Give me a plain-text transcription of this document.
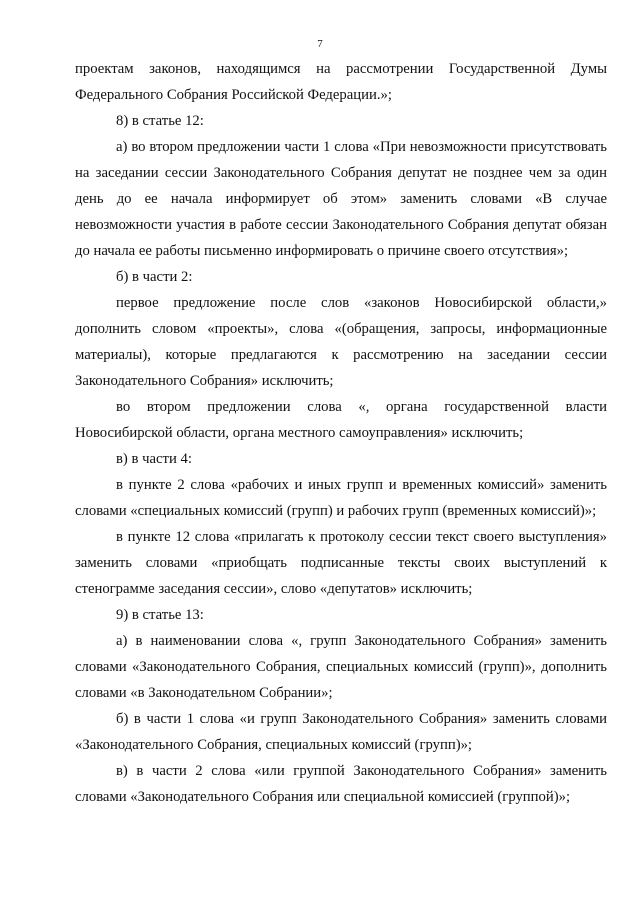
7

проектам законов, находящимся на рассмотрении Государственной Думы Федерального Собрания Российской Федерации.»;

8) в статье 12:

а) во втором предложении части 1 слова «При невозможности присутствовать на заседании сессии Законодательного Собрания депутат не позднее чем за один день до ее начала информирует об этом» заменить словами «В случае невозможности участия в работе сессии Законодательного Собрания депутат обязан до начала ее работы письменно информировать о причине своего отсутствия»;

б) в части 2:

первое предложение после слов «законов Новосибирской области,» дополнить словом «проекты», слова «(обращения, запросы, информационные материалы), которые предлагаются к рассмотрению на заседании сессии Законодательного Собрания» исключить;

во втором предложении слова «, органа государственной власти Новосибирской области, органа местного самоуправления» исключить;

в) в части 4:

в пункте 2 слова «рабочих и иных групп и временных комиссий» заменить словами «специальных комиссий (групп) и рабочих групп (временных комиссий)»;

в пункте 12 слова «прилагать к протоколу сессии текст своего выступления» заменить словами «приобщать подписанные тексты своих выступлений к стенограмме заседания сессии», слово «депутатов» исключить;

9) в статье 13:

а) в наименовании слова «, групп Законодательного Собрания» заменить словами «Законодательного Собрания, специальных комиссий (групп)», дополнить словами «в Законодательном Собрании»;

б) в части 1 слова «и групп Законодательного Собрания» заменить словами «Законодательного Собрания, специальных комиссий (групп)»;

в) в части 2 слова «или группой Законодательного Собрания» заменить словами «Законодательного Собрания или специальной комиссией (группой)»;
